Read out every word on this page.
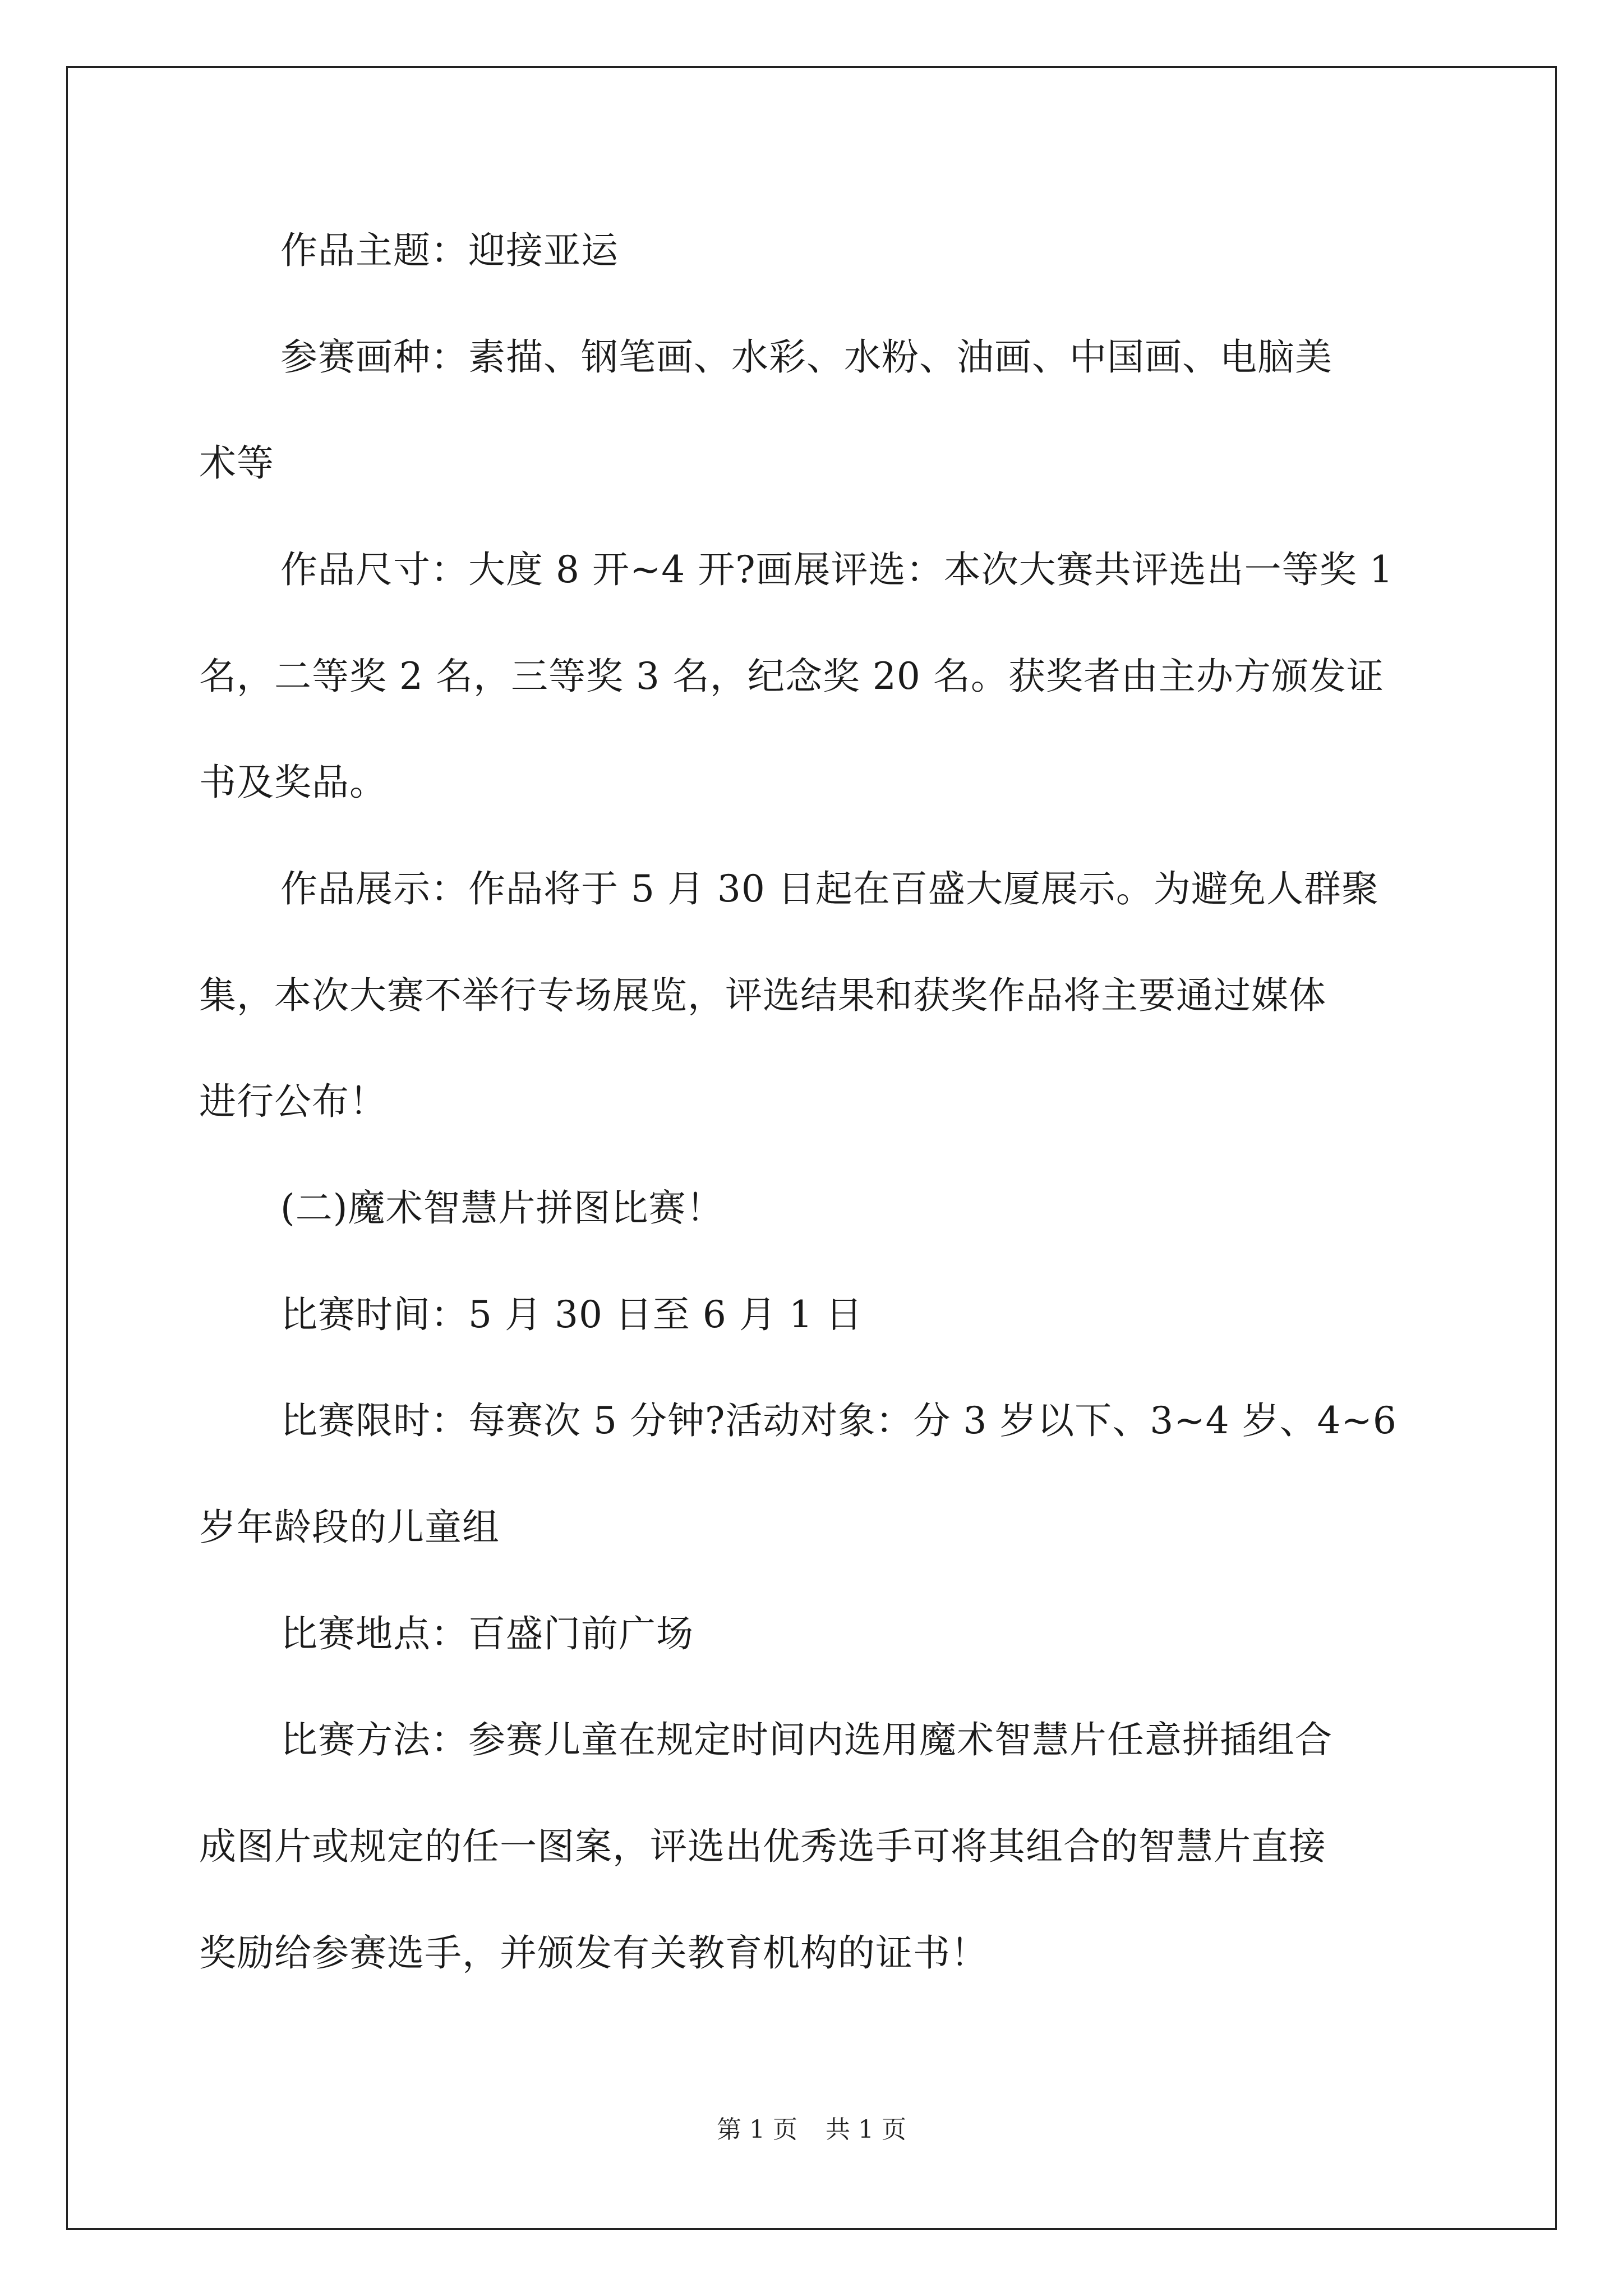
作品主题：迎接亚运
参赛画种：素描、钢笔画、水彩、水粉、油画、中国画、电脑美
术等
作品尺寸：大度 8 开~4 开?画展评选：本次大赛共评选出一等奖 1
名，二等奖 2 名，三等奖 3 名，纪念奖 20 名。获奖者由主办方颁发证
书及奖品。
作品展示：作品将于 5 月 30 日起在百盛大厦展示。为避免人群聚
集，本次大赛不举行专场展览，评选结果和获奖作品将主要通过媒体
进行公布！
(二)魔术智慧片拼图比赛！
比赛时间：5 月 30 日至 6 月 1 日
比赛限时：每赛次 5 分钟?活动对象：分 3 岁以下、3~4 岁、4~6
岁年龄段的儿童组
比赛地点：百盛门前广场
比赛方法：参赛儿童在规定时间内选用魔术智慧片任意拼插组合
成图片或规定的任一图案，评选出优秀选手可将其组合的智慧片直接
奖励给参赛选手，并颁发有关教育机构的证书！
第 1 页 共 1 页
